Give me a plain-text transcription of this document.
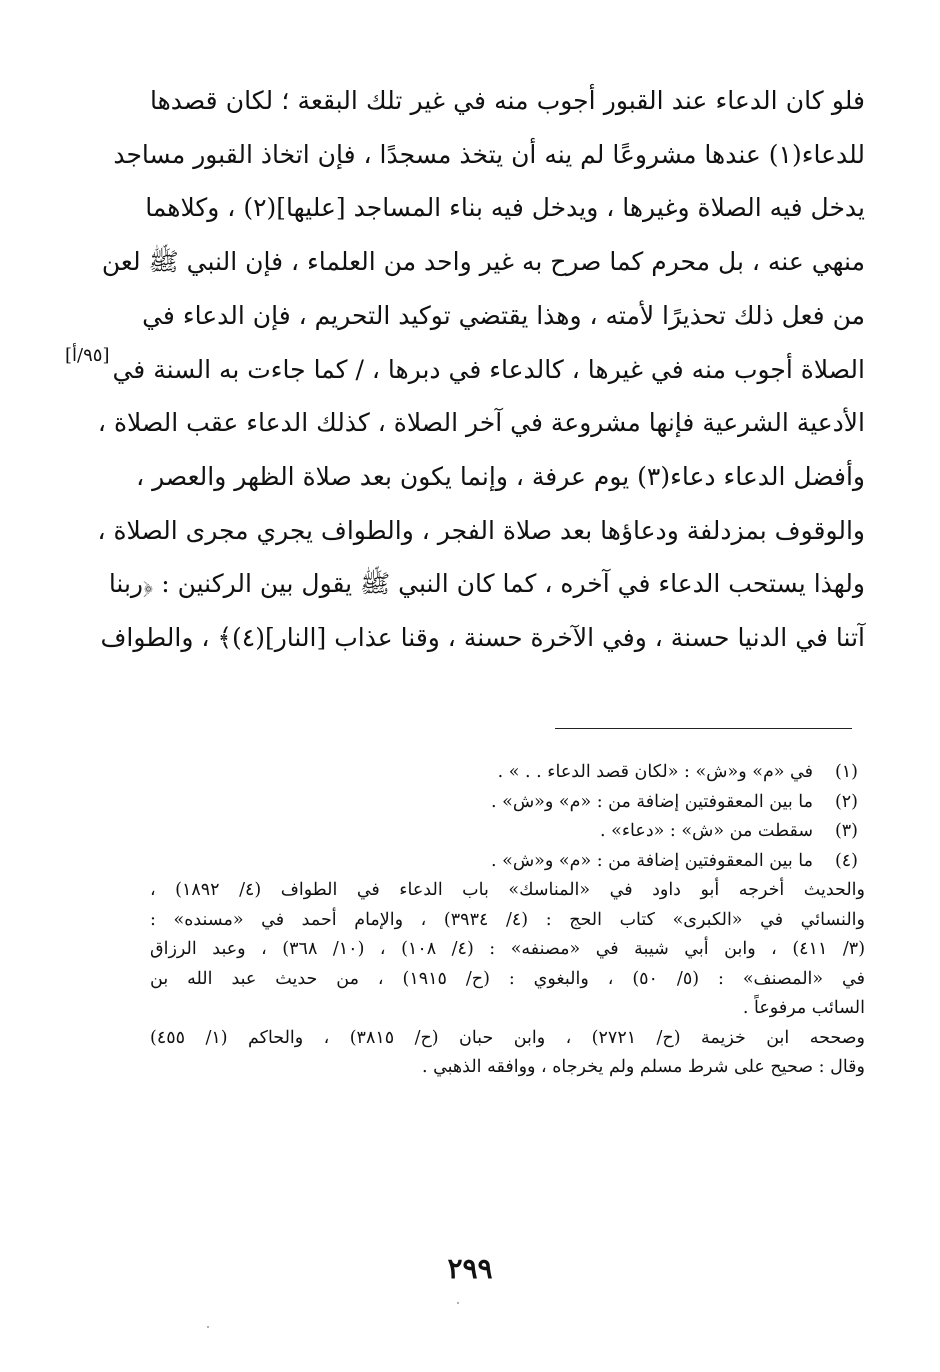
فلو كان الدعاء عند القبور أجوب منه في غير تلك البقعة ؛ لكان قصدها
للدعاء(١) عندها مشروعًا لم ينه أن يتخذ مسجدًا ، فإن اتخاذ القبور مساجد
يدخل فيه الصلاة وغيرها ، ويدخل فيه بناء المساجد [عليها](٢) ، وكلاهما
منهي عنه ، بل محرم كما صرح به غير واحد من العلماء ، فإن النبي ﷺ لعن
من فعل ذلك تحذيرًا لأمته ، وهذا يقتضي توكيد التحريم ، فإن الدعاء في
الصلاة أجوب منه في غيرها ، كالدعاء في دبرها ، / كما جاءت به السنة في
الأدعية الشرعية فإنها مشروعة في آخر الصلاة ، كذلك الدعاء عقب الصلاة ،
وأفضل الدعاء دعاء(٣) يوم عرفة ، وإنما يكون بعد صلاة الظهر والعصر ،
والوقوف بمزدلفة ودعاؤها بعد صلاة الفجر ، والطواف يجري مجرى الصلاة ،
ولهذا يستحب الدعاء في آخره ، كما كان النبي ﷺ يقول بين الركنين : ﴿ربنا
آتنا في الدنيا حسنة ، وفي الآخرة حسنة ، وقنا عذاب [النار](٤)﴾ ، والطواف
[٩٥/أ]
(١)
في «م» و«ش» : «لكان قصد الدعاء . . » .
(٢)
ما بين المعقوفتين إضافة من : «م» و«ش» .
(٣)
سقطت من «ش» : «دعاء» .
(٤)
ما بين المعقوفتين إضافة من : «م» و«ش» .
والحديث أخرجه أبو داود في «المناسك» باب الدعاء في الطواف (٤/ ١٨٩٢) ،
والنسائي في «الكبرى» كتاب الحج : (٤/ ٣٩٣٤) ، والإمام أحمد في «مسنده» :
(٣/ ٤١١) ، وابن أبي شيبة في «مصنفه» : (٤/ ١٠٨) ، (١٠/ ٣٦٨) ، وعبد الرزاق
في «المصنف» : (٥/ ٥٠) ، والبغوي : (ح/ ١٩١٥) ، من حديث عبد الله بن
السائب مرفوعاً .
وصححه ابن خزيمة (ح/ ٢٧٢١) ، وابن حبان (ح/ ٣٨١٥) ، والحاكم (١/ ٤٥٥)
وقال : صحيح على شرط مسلم ولم يخرجاه ، ووافقه الذهبي .
٢٩٩
